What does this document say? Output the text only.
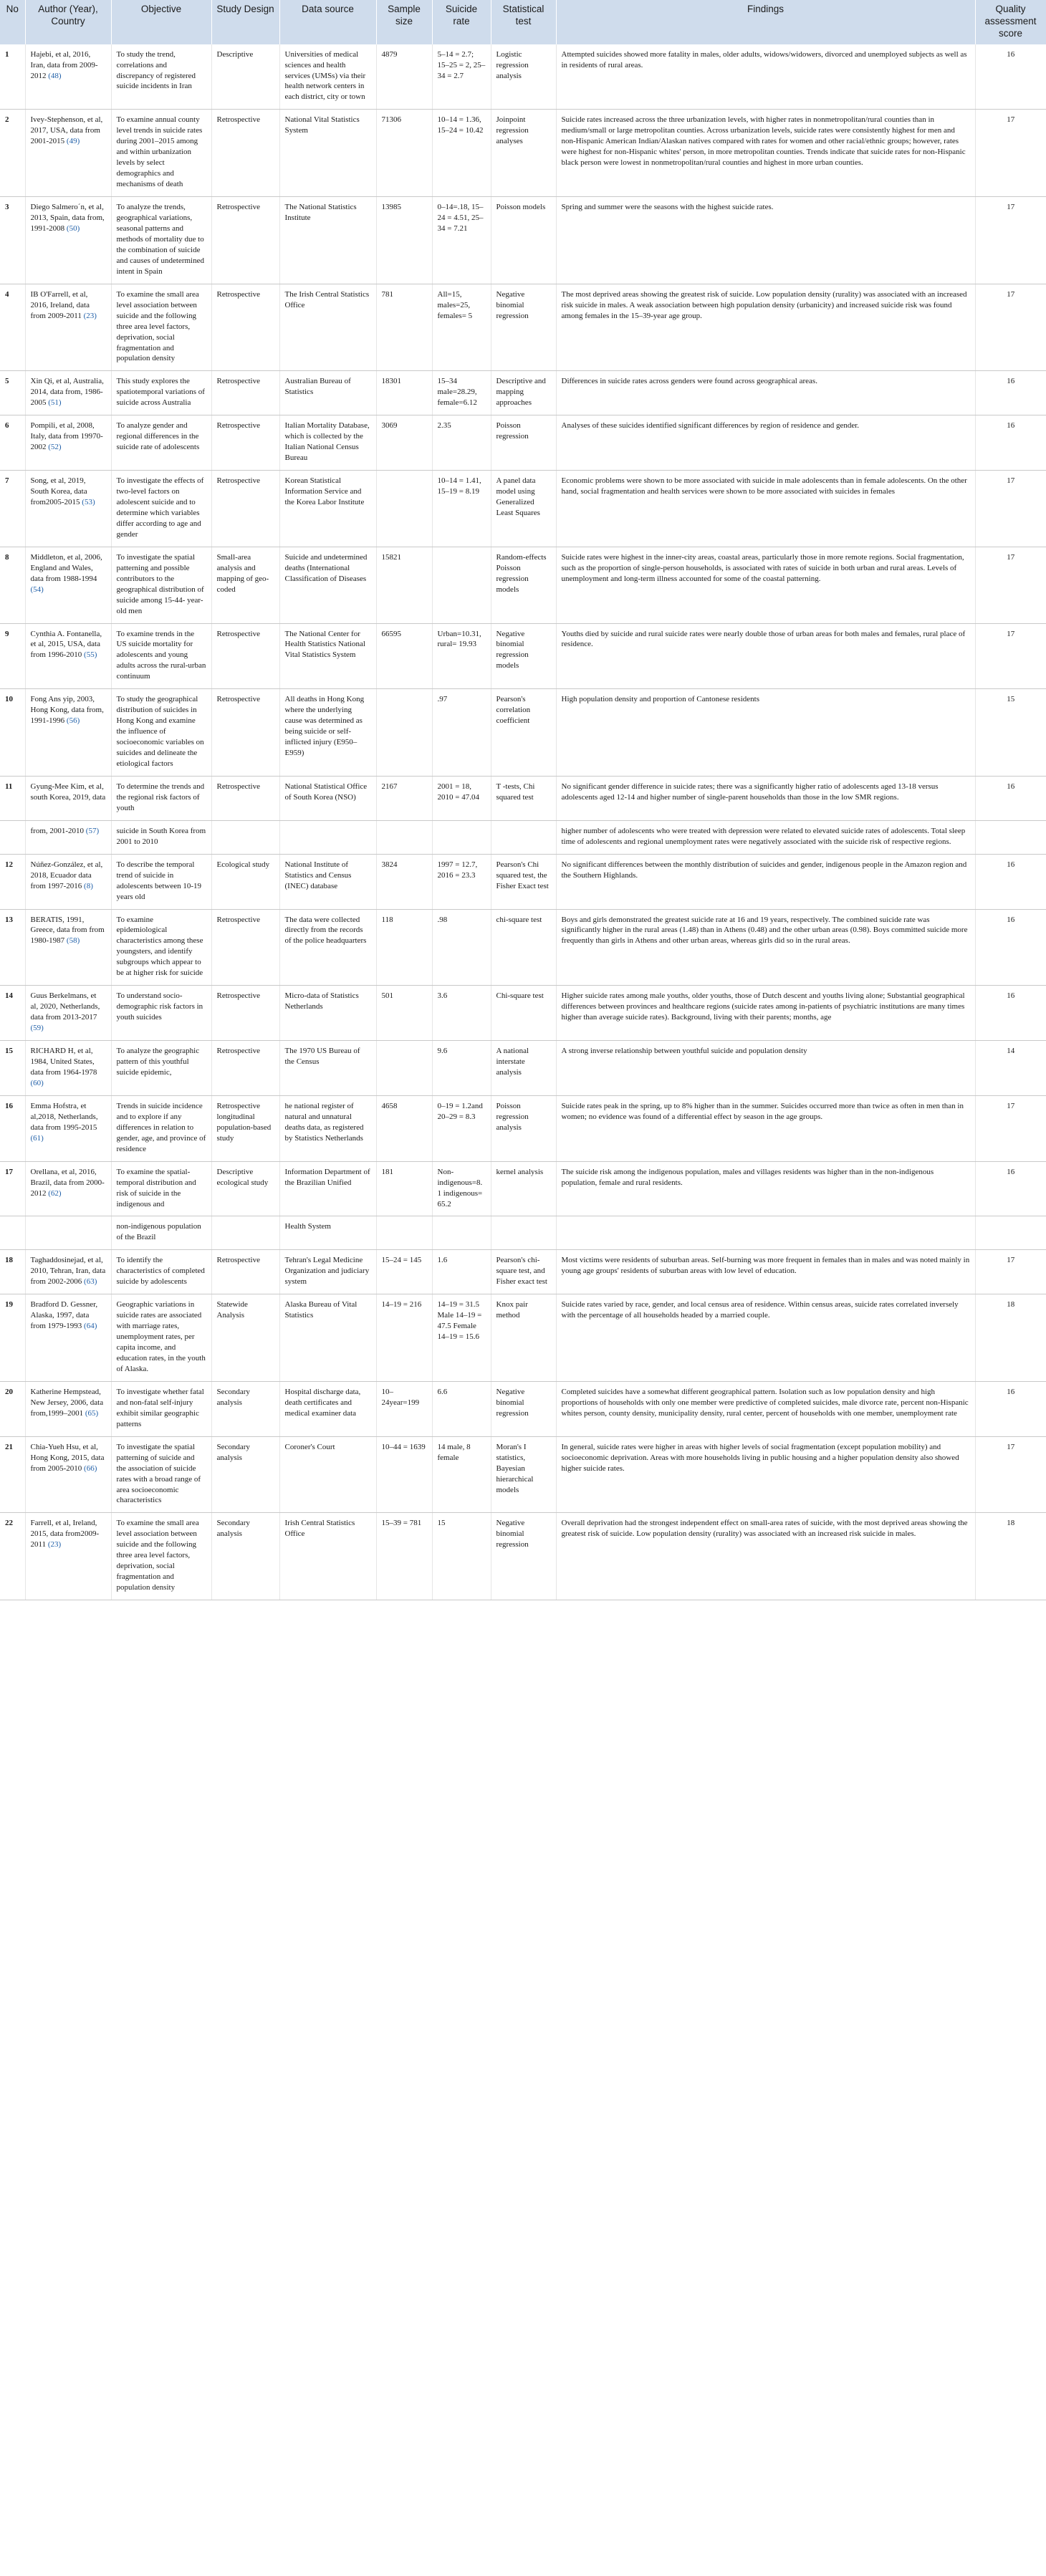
No	Author (Year), Country	Objective	Study Design	Data source	Sample size	Suicide rate	Statistical test	Findings	Quality assessment score
1	Hajebi, et al, 2016, Iran, data from 2009-2012 (48)	To study the trend, correlations and discrepancy of registered suicide incidents in Iran	Descriptive	Universities of medical sciences and health services (UMSs) via their health network centers in each district, city or town	4879	5–14 = 2.7; 15–25 = 2, 25–34 = 2.7	Logistic regression analysis	Attempted suicides showed more fatality in males, older adults, widows/widowers, divorced and unemployed subjects as well as in residents of rural areas.	16
2	Ivey-Stephenson, et al, 2017, USA, data from 2001-2015 (49)	To examine annual county level trends in suicide rates during 2001–2015 among and within urbanization levels by select demographics and mechanisms of death	Retrospective	National Vital Statistics System	71306	10–14 = 1.36, 15–24 = 10.42	Joinpoint regression analyses	Suicide rates increased across the three urbanization levels, with higher rates in nonmetropolitan/rural counties than in medium/small or large metropolitan counties. Across urbanization levels, suicide rates were consistently highest for men and non-Hispanic American Indian/Alaskan natives compared with rates for women and other racial/ethnic groups; however, rates were highest for non-Hispanic whites' person, in more metropolitan counties. Trends indicate that suicide rates for non-Hispanic black person were lowest in nonmetropolitan/rural counties and highest in more urban counties.	17
3	Diego Salmero´n, et al, 2013, Spain, data from, 1991-2008 (50)	To analyze the trends, geographical variations, seasonal patterns and methods of mortality due to the combination of suicide and causes of undetermined intent in Spain	Retrospective	The National Statistics Institute	13985	0–14=.18, 15–24 = 4.51, 25–34 = 7.21	Poisson models	Spring and summer were the seasons with the highest suicide rates.	17
4	IB O'Farrell, et al, 2016, Ireland, data from 2009-2011 (23)	To examine the small area level association between suicide and the following three area level factors, deprivation, social fragmentation and population density	Retrospective	The Irish Central Statistics Office	781	All=15, males=25, females= 5	Negative binomial regression	The most deprived areas showing the greatest risk of suicide. Low population density (rurality) was associated with an increased risk suicide in males. A weak association between high population density (urbanicity) and increased suicide risk was found among females in the 15–39-year age group.	17
5	Xin Qi, et al, Australia, 2014, data from, 1986-2005 (51)	This study explores the spatiotemporal variations of suicide across Australia	Retrospective	Australian Bureau of Statistics	18301	15–34 male=28.29, female=6.12	Descriptive and mapping approaches	Differences in suicide rates across genders were found across geographical areas.	16
6	Pompili, et al, 2008, Italy, data from 19970-2002 (52)	To analyze gender and regional differences in the suicide rate of adolescents	Retrospective	Italian Mortality Database, which is collected by the Italian National Census Bureau	3069	2.35	Poisson regression	Analyses of these suicides identified significant differences by region of residence and gender.	16
7	Song, et al, 2019, South Korea, data from2005-2015 (53)	To investigate the effects of two-level factors on adolescent suicide and to determine which variables differ according to age and gender	Retrospective	Korean Statistical Information Service and the Korea Labor Institute		10–14 = 1.41, 15–19 = 8.19	A panel data model using Generalized Least Squares	Economic problems were shown to be more associated with suicide in male adolescents than in female adolescents. On the other hand, social fragmentation and health services were shown to be more associated with suicides in females	17
8	Middleton, et al, 2006, England and Wales, data from 1988-1994 (54)	To investigate the spatial patterning and possible contributors to the geographical distribution of suicide among 15-44- year-old men	Small-area analysis and mapping of geo-coded	Suicide and undetermined deaths (International Classification of Diseases	15821		Random-effects Poisson regression models	Suicide rates were highest in the inner-city areas, coastal areas, particularly those in more remote regions. Social fragmentation, such as the proportion of single-person households, is associated with rates of suicide in both urban and rural areas. Levels of unemployment and long-term illness accounted for some of the coastal patterning.	17
9	Cynthia A. Fontanella, et al, 2015, USA, data from 1996-2010 (55)	To examine trends in the US suicide mortality for adolescents and young adults across the rural-urban continuum	Retrospective	The National Center for Health Statistics National Vital Statistics System	66595	Urban=10.31, rural= 19.93	Negative binomial regression models	Youths died by suicide and rural suicide rates were nearly double those of urban areas for both males and females, rural place of residence.	17
10	Fong Ans yip, 2003, Hong Kong, data from, 1991-1996 (56)	To study the geographical distribution of suicides in Hong Kong and examine the influence of socioeconomic variables on suicides and delineate the etiological factors	Retrospective	All deaths in Hong Kong where the underlying cause was determined as being suicide or self-inflicted injury (E950–E959)		.97	Pearson's correlation coefficient	High population density and proportion of Cantonese residents	15
11	Gyung-Mee Kim, et al, south Korea, 2019, data	To determine the trends and the regional risk factors of youth	Retrospective	National Statistical Office of South Korea (NSO)	2167	2001 = 18, 2010 = 47.04	T -tests, Chi squared test	No significant gender difference in suicide rates; there was a significantly higher ratio of adolescents aged 13-18 versus adolescents aged 12-14 and higher number of single-parent households than those in the low SMR regions.	16
	from, 2001-2010 (57)	suicide in South Korea from 2001 to 2010						higher number of adolescents who were treated with depression were related to elevated suicide rates of adolescents. Total sleep time of adolescents and regional unemployment rates were negatively associated with the suicide risk of respective regions.	
12	Núñez-González, et al, 2018, Ecuador data from 1997-2016 (8)	To describe the temporal trend of suicide in adolescents between 10-19 years old	Ecological study	National Institute of Statistics and Census (INEC) database	3824	1997 = 12.7, 2016 = 23.3	Pearson's Chi squared test, the Fisher Exact test	No significant differences between the monthly distribution of suicides and gender, indigenous people in the Amazon region and the Southern Highlands.	16
13	BERATIS, 1991, Greece, data from from 1980-1987 (58)	To examine epidemiological characteristics among these youngsters, and identify subgroups which appear to be at higher risk for suicide	Retrospective	The data were collected directly from the records of the police headquarters	118	.98	chi-square test	Boys and girls demonstrated the greatest suicide rate at 16 and 19 years, respectively. The combined suicide rate was significantly higher in the rural areas (1.48) than in Athens (0.48) and the other urban areas (0.98). Boys committed suicide more frequently than girls in Athens and other urban areas, whereas girls did so in the rural areas.	16
14	Guus Berkelmans, et al, 2020, Netherlands, data from 2013-2017 (59)	To understand socio-demographic risk factors in youth suicides	Retrospective	Micro-data of Statistics Netherlands	501	3.6	Chi-square test	Higher suicide rates among male youths, older youths, those of Dutch descent and youths living alone; Substantial geographical differences between provinces and healthcare regions (suicide rates among in-patients of psychiatric institutions are many times higher than average suicide rates). Background, living with their parents; months, age	16
15	RICHARD H, et al, 1984, United States, data from 1964-1978 (60)	To analyze the geographic pattern of this youthful suicide epidemic,	Retrospective	The 1970 US Bureau of the Census		9.6	A national interstate analysis	A strong inverse relationship between youthful suicide and population density	14
16	Emma Hofstra, et al,2018, Netherlands, data from 1995-2015 (61)	Trends in suicide incidence and to explore if any differences in relation to gender, age, and province of residence	Retrospective longitudinal population-based study	he national register of natural and unnatural deaths data, as registered by Statistics Netherlands	4658	0–19 = 1.2and 20–29 = 8.3	Poisson regression analysis	Suicide rates peak in the spring, up to 8% higher than in the summer. Suicides occurred more than twice as often in men than in women; no evidence was found of a differential effect by season in the age groups.	17
17	Orellana, et al, 2016, Brazil, data from 2000-2012 (62)	To examine the spatial-temporal distribution and risk of suicide in the indigenous and	Descriptive ecological study	Information Department of the Brazilian Unified	181	Non-indigenous=8.1 indigenous= 65.2	kernel analysis	The suicide risk among the indigenous population, males and villages residents was higher than in the non-indigenous population, female and rural residents.	16
		non-indigenous population of the Brazil		Health System					
18	Taghaddosinejad, et al, 2010, Tehran, Iran, data from 2002-2006 (63)	To identify the characteristics of completed suicide by adolescents	Retrospective	Tehran's Legal Medicine Organization and judiciary system	15–24 = 145	1.6	Pearson's chi-square test, and Fisher exact test	Most victims were residents of suburban areas. Self-burning was more frequent in females than in males and was noted mainly in young age groups' residents of suburban areas with low level of education.	17
19	Bradford D. Gessner, Alaska, 1997, data from 1979-1993 (64)	Geographic variations in suicide rates are associated with marriage rates, unemployment rates, per capita income, and education rates, in the youth of Alaska.	Statewide Analysis	Alaska Bureau of Vital Statistics	14–19 = 216	14–19 = 31.5 Male 14–19 = 47.5 Female 14–19 = 15.6	Knox pair method	Suicide rates varied by race, gender, and local census area of residence. Within census areas, suicide rates correlated inversely with the percentage of all households headed by a married couple.	18
20	Katherine Hempstead, New Jersey, 2006, data from,1999–2001 (65)	To investigate whether fatal and non-fatal self-injury exhibit similar geographic patterns	Secondary analysis	Hospital discharge data, death certificates and medical examiner data	10–24year=199	6.6	Negative binomial regression	Completed suicides have a somewhat different geographical pattern. Isolation such as low population density and high proportions of households with only one member were predictive of completed suicides, male divorce rate, percent non-Hispanic whites person, county density, municipality density, rural center, percent of households with one member, unemployment rate	16
21	Chia-Yueh Hsu, et al, Hong Kong, 2015, data from 2005-2010 (66)	To investigate the spatial patterning of suicide and the association of suicide rates with a broad range of area socioeconomic characteristics	Secondary analysis	Coroner's Court	10–44 = 1639	14 male, 8 female	Moran's I statistics, Bayesian hierarchical models	In general, suicide rates were higher in areas with higher levels of social fragmentation (except population mobility) and socioeconomic deprivation. Areas with more households living in public housing and a higher population density also showed higher suicide rates.	17
22	Farrell, et al, Ireland, 2015, data from2009-2011 (23)	To examine the small area level association between suicide and the following three area level factors, deprivation, social fragmentation and population density	Secondary analysis	Irish Central Statistics Office	15–39 = 781	15	Negative binomial regression	Overall deprivation had the strongest independent effect on small-area rates of suicide, with the most deprived areas showing the greatest risk of suicide. Low population density (rurality) was associated with an increased risk suicide in males.	18
